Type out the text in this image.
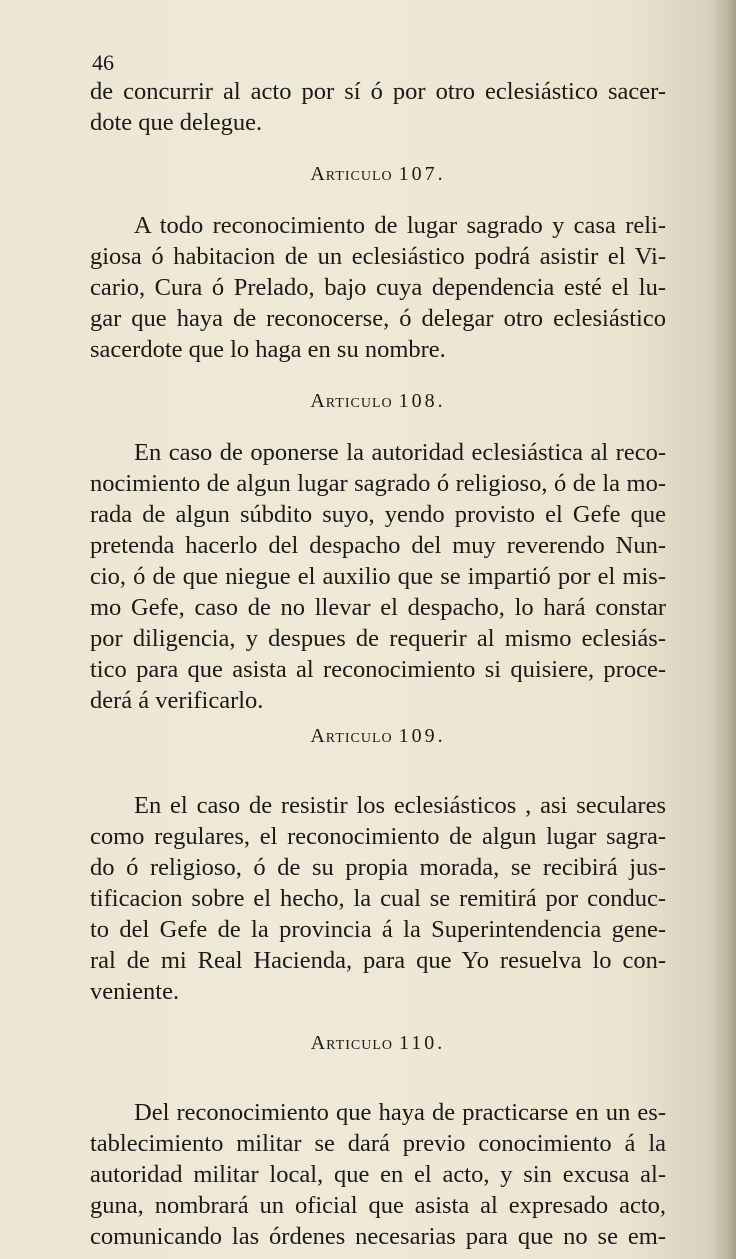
46
de concurrir al acto por sí ó por otro eclesiástico sacer-
dote que delegue.
Articulo 107.
A todo reconocimiento de lugar sagrado y casa reli-
giosa ó habitacion de un eclesiástico podrá asistir el Vi-
cario, Cura ó Prelado, bajo cuya dependencia esté el lu-
gar que haya de reconocerse, ó delegar otro eclesiástico
sacerdote que lo haga en su nombre.
Articulo 108.
En caso de oponerse la autoridad eclesiástica al reco-
nocimiento de algun lugar sagrado ó religioso, ó de la mo-
rada de algun súbdito suyo, yendo provisto el Gefe que
pretenda hacerlo del despacho del muy reverendo Nun-
cio, ó de que niegue el auxilio que se impartió por el mis-
mo Gefe, caso de no llevar el despacho, lo hará constar
por diligencia, y despues de requerir al mismo eclesiás-
tico para que asista al reconocimiento si quisiere, proce-
derá á verificarlo.
Articulo 109.
En el caso de resistir los eclesiásticos , asi seculares
como regulares, el reconocimiento de algun lugar sagra-
do ó religioso, ó de su propia morada, se recibirá jus-
tificacion sobre el hecho, la cual se remitirá por conduc-
to del Gefe de la provincia á la Superintendencia gene-
ral de mi Real Hacienda, para que Yo resuelva lo con-
veniente.
Articulo 110.
Del reconocimiento que haya de practicarse en un es-
tablecimiento militar se dará previo conocimiento á la
autoridad militar local, que en el acto, y sin excusa al-
guna, nombrará un oficial que asista al expresado acto,
comunicando las órdenes necesarias para que no se em-
